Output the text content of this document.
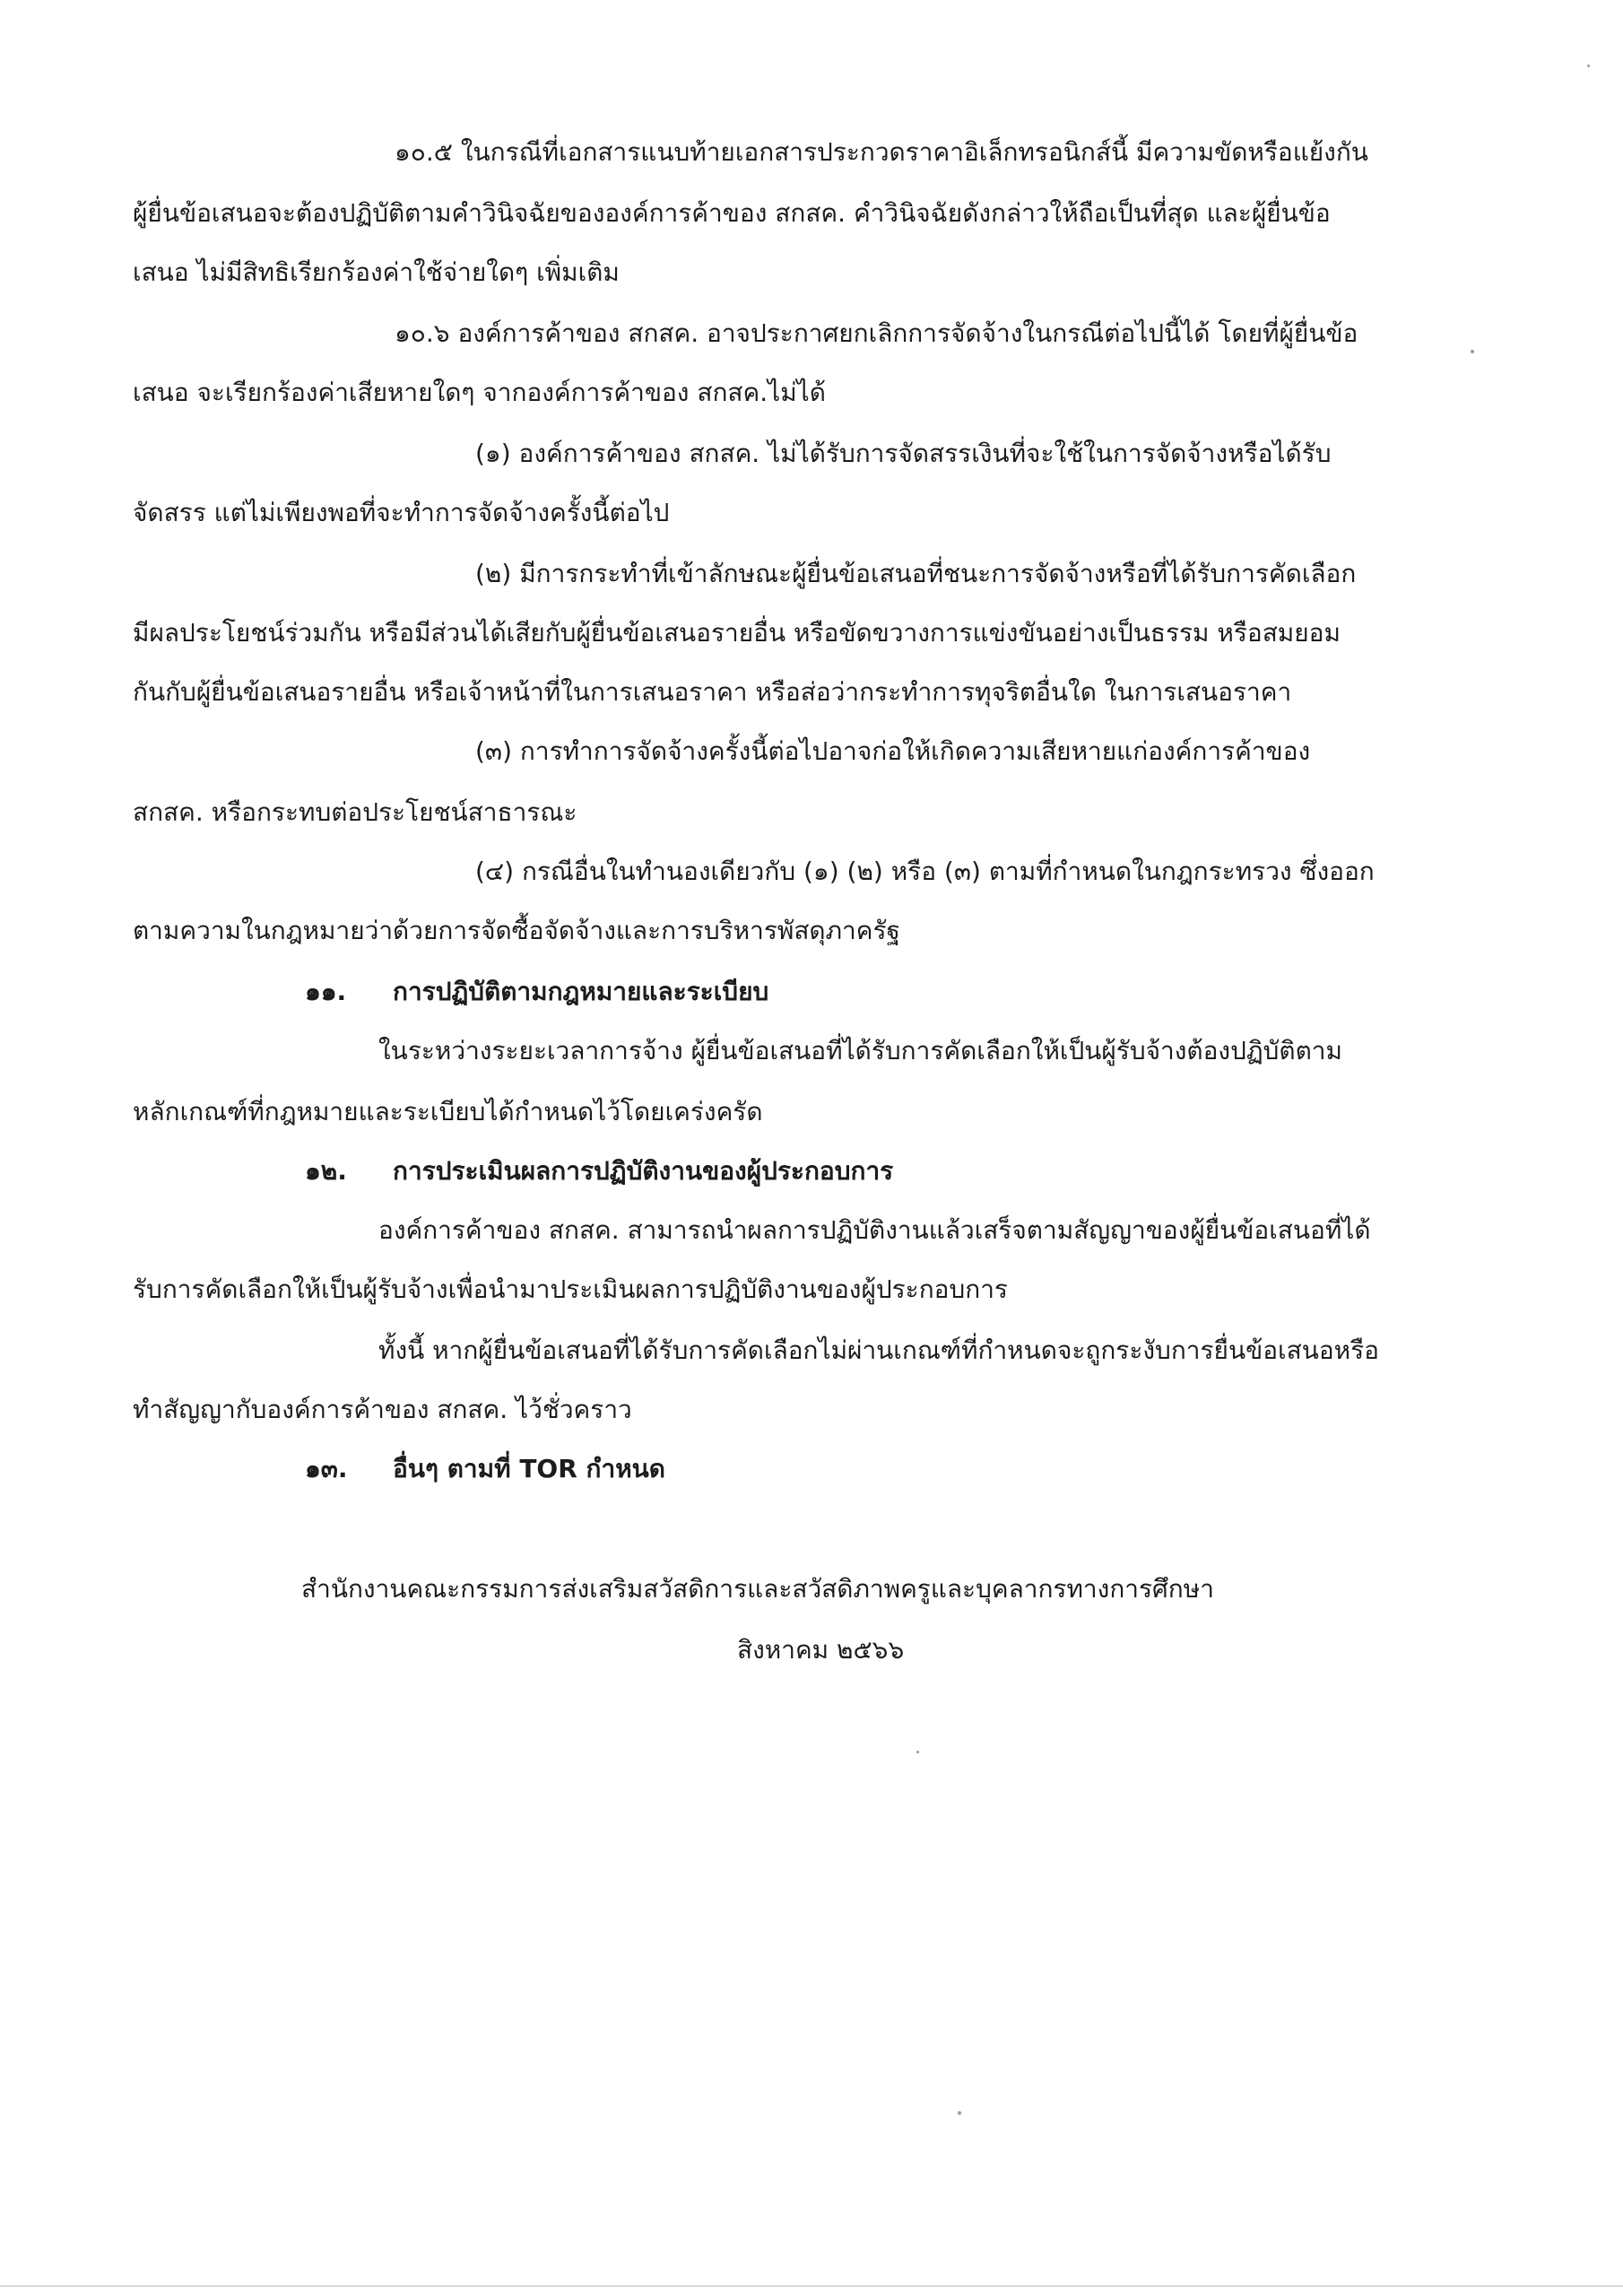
๑๐.๕ ในกรณีที่เอกสารแนบท้ายเอกสารประกวดราคาอิเล็กทรอนิกส์นี้ มีความขัดหรือแย้งกัน
ผู้ยื่นข้อเสนอจะต้องปฏิบัติตามคำวินิจฉัยขององค์การค้าของ สกสค. คำวินิจฉัยดังกล่าวให้ถือเป็นที่สุด และผู้ยื่นข้อ
เสนอ ไม่มีสิทธิเรียกร้องค่าใช้จ่ายใดๆ เพิ่มเติม
๑๐.๖ องค์การค้าของ สกสค. อาจประกาศยกเลิกการจัดจ้างในกรณีต่อไปนี้ได้ โดยที่ผู้ยื่นข้อ
เสนอ จะเรียกร้องค่าเสียหายใดๆ จากองค์การค้าของ สกสค.ไม่ได้
(๑) องค์การค้าของ สกสค. ไม่ได้รับการจัดสรรเงินที่จะใช้ในการจัดจ้างหรือได้รับ
จัดสรร แต่ไม่เพียงพอที่จะทำการจัดจ้างครั้งนี้ต่อไป
(๒) มีการกระทำที่เข้าลักษณะผู้ยื่นข้อเสนอที่ชนะการจัดจ้างหรือที่ได้รับการคัดเลือก
มีผลประโยชน์ร่วมกัน หรือมีส่วนได้เสียกับผู้ยื่นข้อเสนอรายอื่น หรือขัดขวางการแข่งขันอย่างเป็นธรรม หรือสมยอม
กันกับผู้ยื่นข้อเสนอรายอื่น หรือเจ้าหน้าที่ในการเสนอราคา หรือส่อว่ากระทำการทุจริตอื่นใด ในการเสนอราคา
(๓) การทำการจัดจ้างครั้งนี้ต่อไปอาจก่อให้เกิดความเสียหายแก่องค์การค้าของ
สกสค. หรือกระทบต่อประโยชน์สาธารณะ
(๔) กรณีอื่นในทำนองเดียวกับ (๑) (๒) หรือ (๓) ตามที่กำหนดในกฎกระทรวง ซึ่งออก
ตามความในกฎหมายว่าด้วยการจัดซื้อจัดจ้างและการบริหารพัสดุภาครัฐ
๑๑. การปฏิบัติตามกฎหมายและระเบียบ
ในระหว่างระยะเวลาการจ้าง ผู้ยื่นข้อเสนอที่ได้รับการคัดเลือกให้เป็นผู้รับจ้างต้องปฏิบัติตาม
หลักเกณฑ์ที่กฎหมายและระเบียบได้กำหนดไว้โดยเคร่งครัด
๑๒. การประเมินผลการปฏิบัติงานของผู้ประกอบการ
องค์การค้าของ สกสค. สามารถนำผลการปฏิบัติงานแล้วเสร็จตามสัญญาของผู้ยื่นข้อเสนอที่ได้
รับการคัดเลือกให้เป็นผู้รับจ้างเพื่อนำมาประเมินผลการปฏิบัติงานของผู้ประกอบการ
ทั้งนี้ หากผู้ยื่นข้อเสนอที่ได้รับการคัดเลือกไม่ผ่านเกณฑ์ที่กำหนดจะถูกระงับการยื่นข้อเสนอหรือ
ทำสัญญากับองค์การค้าของ สกสค. ไว้ชั่วคราว
๑๓. อื่นๆ ตามที่ TOR กำหนด
สำนักงานคณะกรรมการส่งเสริมสวัสดิการและสวัสดิภาพครูและบุคลากรทางการศึกษา
สิงหาคม ๒๕๖๖
